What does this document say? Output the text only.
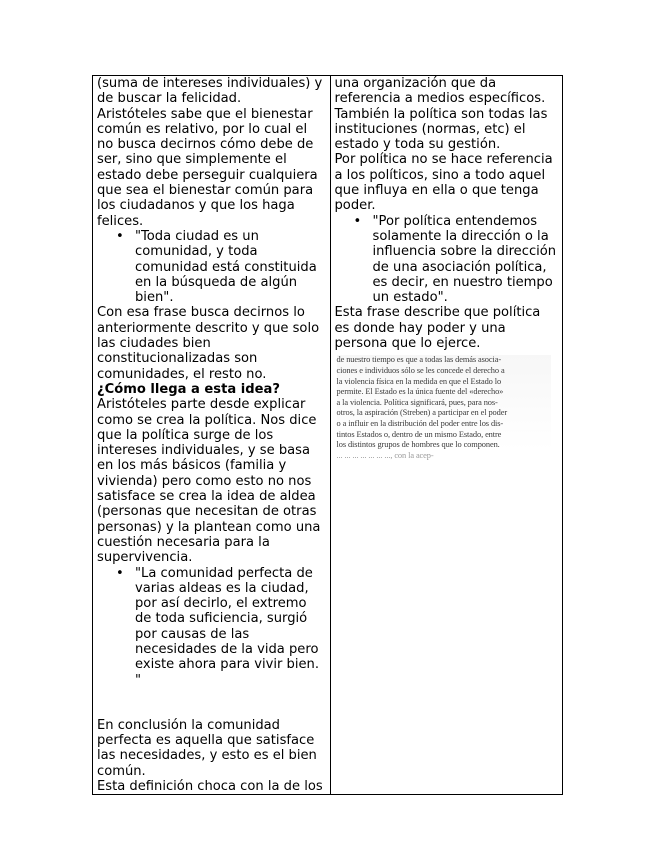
(suma de intereses individuales) y de buscar la felicidad.

Aristóteles sabe que el bienestar común es relativo, por lo cual el no busca decirnos cómo debe de ser, sino que simplemente el estado debe perseguir cualquiera que sea el bienestar común para los ciudadanos y que los haga felices.

• "Toda ciudad es un comunidad, y toda comunidad está constituida en la búsqueda de algún bien".

Con esa frase busca decirnos lo anteriormente descrito y que solo las ciudades bien constitucionalizadas son comunidades, el resto no.

¿Cómo llega a esta idea?

Aristóteles parte desde explicar como se crea la política. Nos dice que la política surge de los intereses individuales, y se basa en los más básicos (familia y vivienda) pero como esto no nos satisface se crea la idea de aldea (personas que necesitan de otras personas) y la plantean como una cuestión necesaria para la supervivencia.

• "La comunidad perfecta de varias aldeas es la ciudad, por así decirlo, el extremo de toda suficiencia, surgió por causas de las necesidades de la vida pero existe ahora para vivir bien. "

En conclusión la comunidad perfecta es aquella que satisface las necesidades, y esto es el bien común.

Esta definición choca con la de los

una organización que da referencia a medios específicos.

También la política son todas las instituciones (normas, etc) el estado y toda su gestión.

Por política no se hace referencia a los políticos, sino a todo aquel que influya en ella o que tenga poder.

• "Por política entendemos solamente la dirección o la influencia sobre la dirección de una asociación política, es decir, en nuestro tiempo un estado".

Esta frase describe que política es donde hay poder y una persona que lo ejerce.

de nuestro tiempo es que a todas las demás asocia-

ciones e individuos sólo se les concede el derecho a

la violencia física en la medida en que el Estado lo

permite. El Estado es la única fuente del «derecho»

a la violencia. Política significará, pues, para nos-

otros, la aspiración (Streben) a participar en el poder

o a influir en la distribución del poder entre los dis-

tintos Estados o, dentro de un mismo Estado, entre

los distintos grupos de hombres que lo componen.

... ... ... ... ... ... ..., con la acep-
